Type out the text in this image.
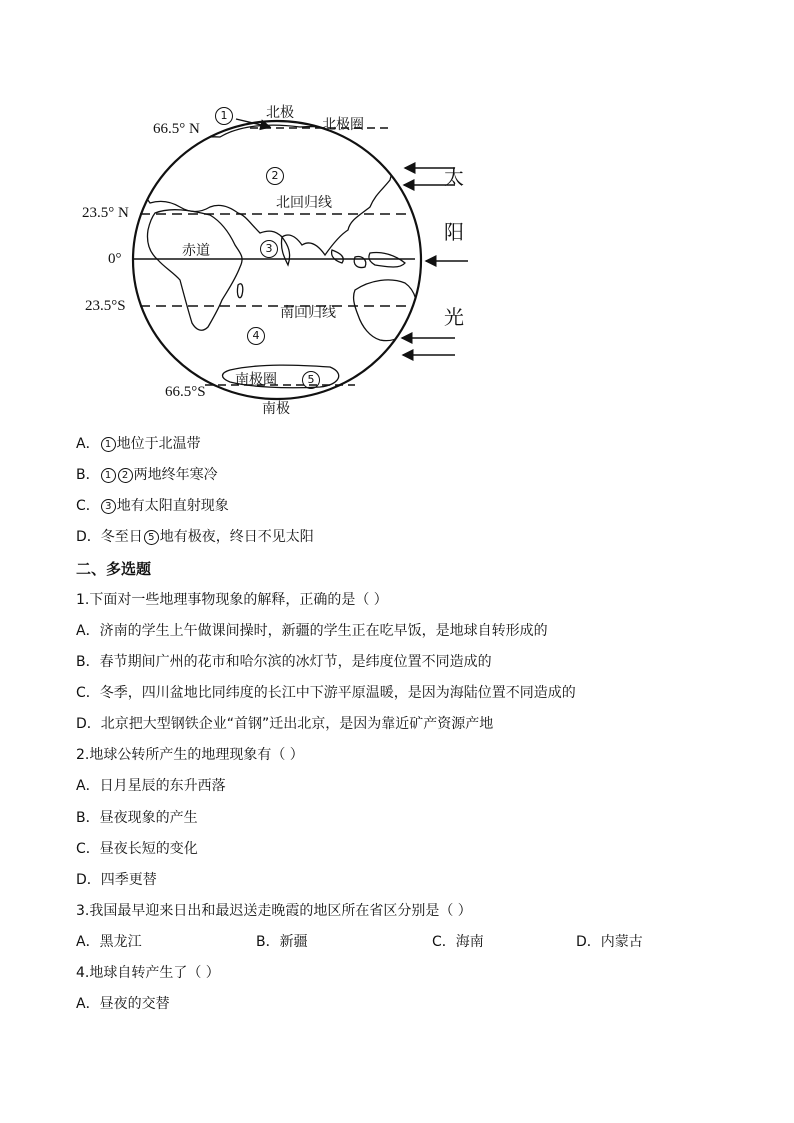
66.5° N
23.5° N
0°
23.5°S
66.5°S
北极
北极圈
北回归线
赤道
南回归线
南极圈
南极
1
2
3
4
5
太
阳
光
A． 1 地位于北温带
B． 1 2 两地终年寒冷
C． 3 地有太阳直射现象
D．冬至日 5 地有极夜，终日不见太阳
二、多选题
1.下面对一些地理事物现象的解释，正确的是（ ）
A．济南的学生上午做课间操时，新疆的学生正在吃早饭，是地球自转形成的
B．春节期间广州的花市和哈尔滨的冰灯节，是纬度位置不同造成的
C．冬季，四川盆地比同纬度的长江中下游平原温暖，是因为海陆位置不同造成的
D．北京把大型钢铁企业“首钢”迁出北京，是因为靠近矿产资源产地
2.地球公转所产生的地理现象有（ ）
A．日月星辰的东升西落
B．昼夜现象的产生
C．昼夜长短的变化
D．四季更替
3.我国最早迎来日出和最迟送走晚霞的地区所在省区分别是（ ）
A．黑龙江	B．新疆	C．海南	D．内蒙古
4.地球自转产生了（ ）
A．昼夜的交替
